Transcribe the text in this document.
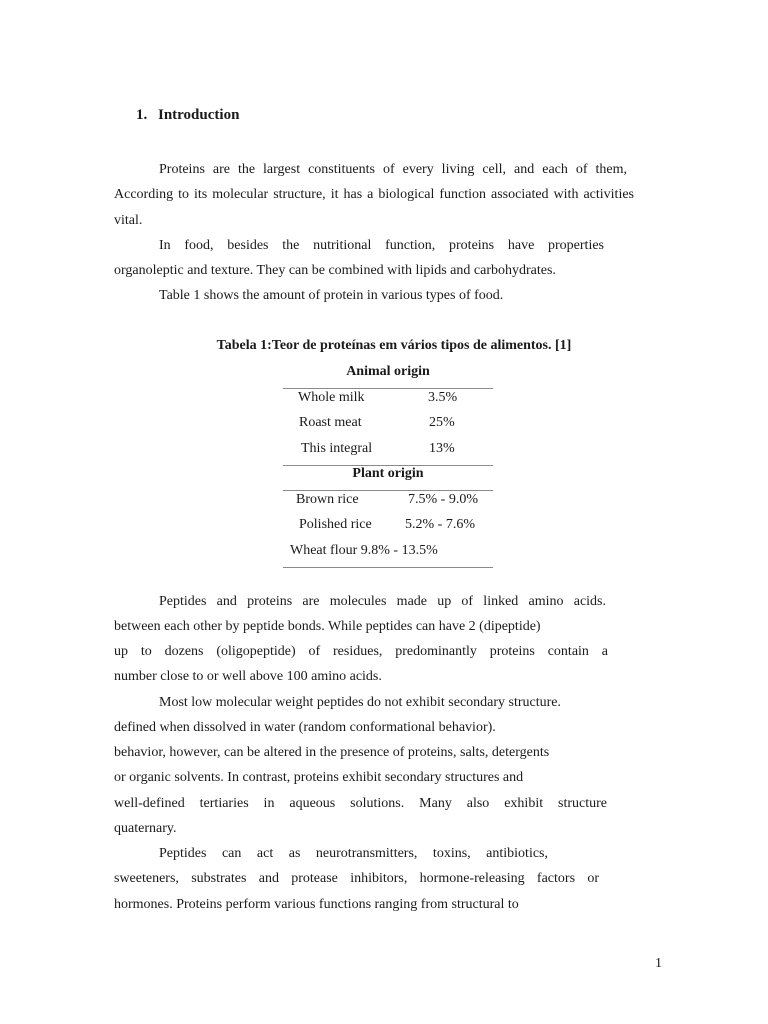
1. Introduction
Proteins are the largest constituents of every living cell, and each of them,
According to its molecular structure, it has a biological function associated with activities
vital.
In food, besides the nutritional function, proteins have properties
organoleptic and texture. They can be combined with lipids and carbohydrates.
Table 1 shows the amount of protein in various types of food.
Tabela 1:Teor de proteínas em vários tipos de alimentos. [1]
Animal origin
Whole milk	3.5%
Roast meat	25%
This integral	13%
Plant origin
Brown rice	7.5% - 9.0%
Polished rice 5.2% - 7.6%
Wheat flour 9.8% - 13.5%
Peptides and proteins are molecules made up of linked amino acids.
between each other by peptide bonds. While peptides can have 2 (dipeptide)
up to dozens (oligopeptide) of residues, predominantly proteins contain a
number close to or well above 100 amino acids.
Most low molecular weight peptides do not exhibit secondary structure.
defined when dissolved in water (random conformational behavior).
behavior, however, can be altered in the presence of proteins, salts, detergents
or organic solvents. In contrast, proteins exhibit secondary structures and
well-defined tertiaries in aqueous solutions. Many also exhibit structure
quaternary.
Peptides can act as neurotransmitters, toxins, antibiotics,
sweeteners, substrates and protease inhibitors, hormone-releasing factors or
hormones. Proteins perform various functions ranging from structural to
1
